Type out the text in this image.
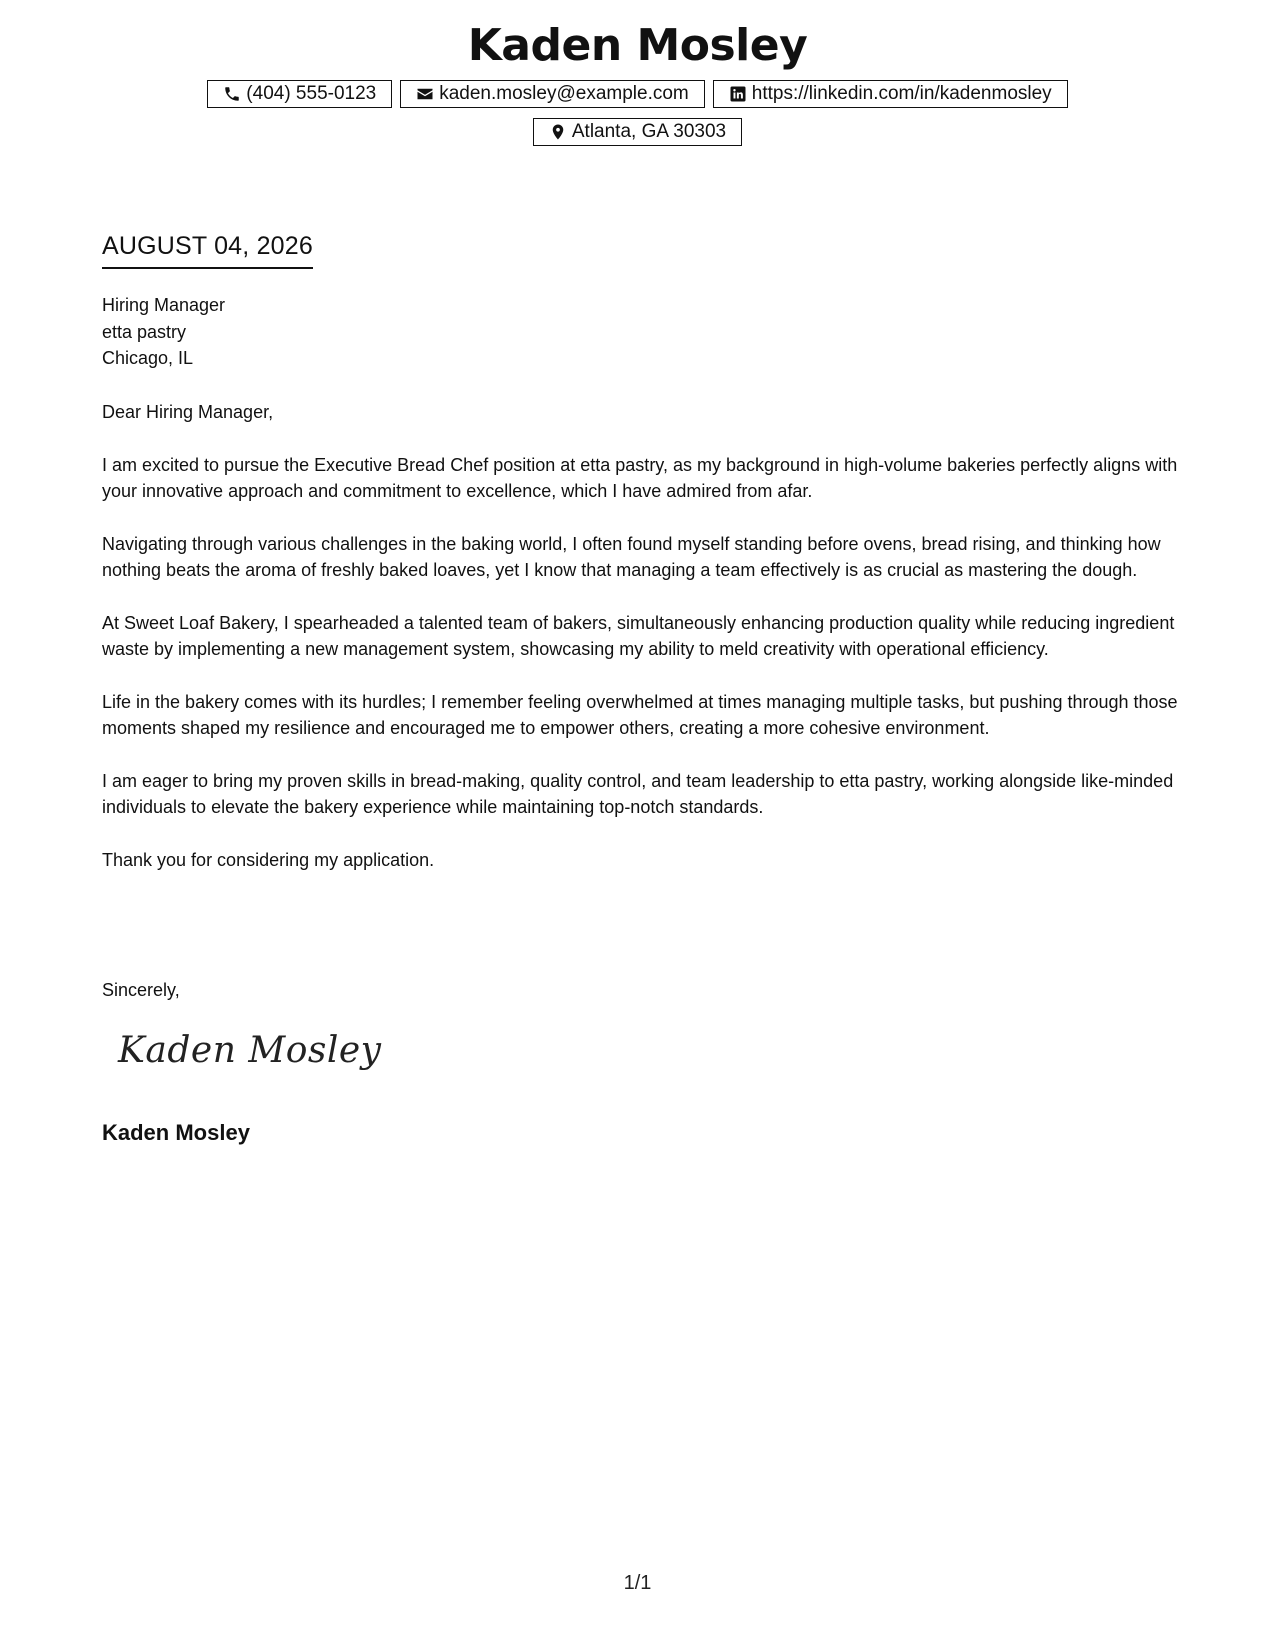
Kaden Mosley
(404) 555-0123	kaden.mosley@example.com	https://linkedin.com/in/kadenmosley
Atlanta, GA 30303
AUGUST 04, 2026
Hiring Manager
etta pastry
Chicago, IL

Dear Hiring Manager,

I am excited to pursue the Executive Bread Chef position at etta pastry, as my background in high-volume bakeries perfectly aligns with your innovative approach and commitment to excellence, which I have admired from afar.

Navigating through various challenges in the baking world, I often found myself standing before ovens, bread rising, and thinking how nothing beats the aroma of freshly baked loaves, yet I know that managing a team effectively is as crucial as mastering the dough.

At Sweet Loaf Bakery, I spearheaded a talented team of bakers, simultaneously enhancing production quality while reducing ingredient waste by implementing a new management system, showcasing my ability to meld creativity with operational efficiency.

Life in the bakery comes with its hurdles; I remember feeling overwhelmed at times managing multiple tasks, but pushing through those moments shaped my resilience and encouraged me to empower others, creating a more cohesive environment.

I am eager to bring my proven skills in bread-making, quality control, and team leadership to etta pastry, working alongside like-minded individuals to elevate the bakery experience while maintaining top-notch standards.

Thank you for considering my application.

Sincerely,
Kaden Mosley
Kaden Mosley
1/1
